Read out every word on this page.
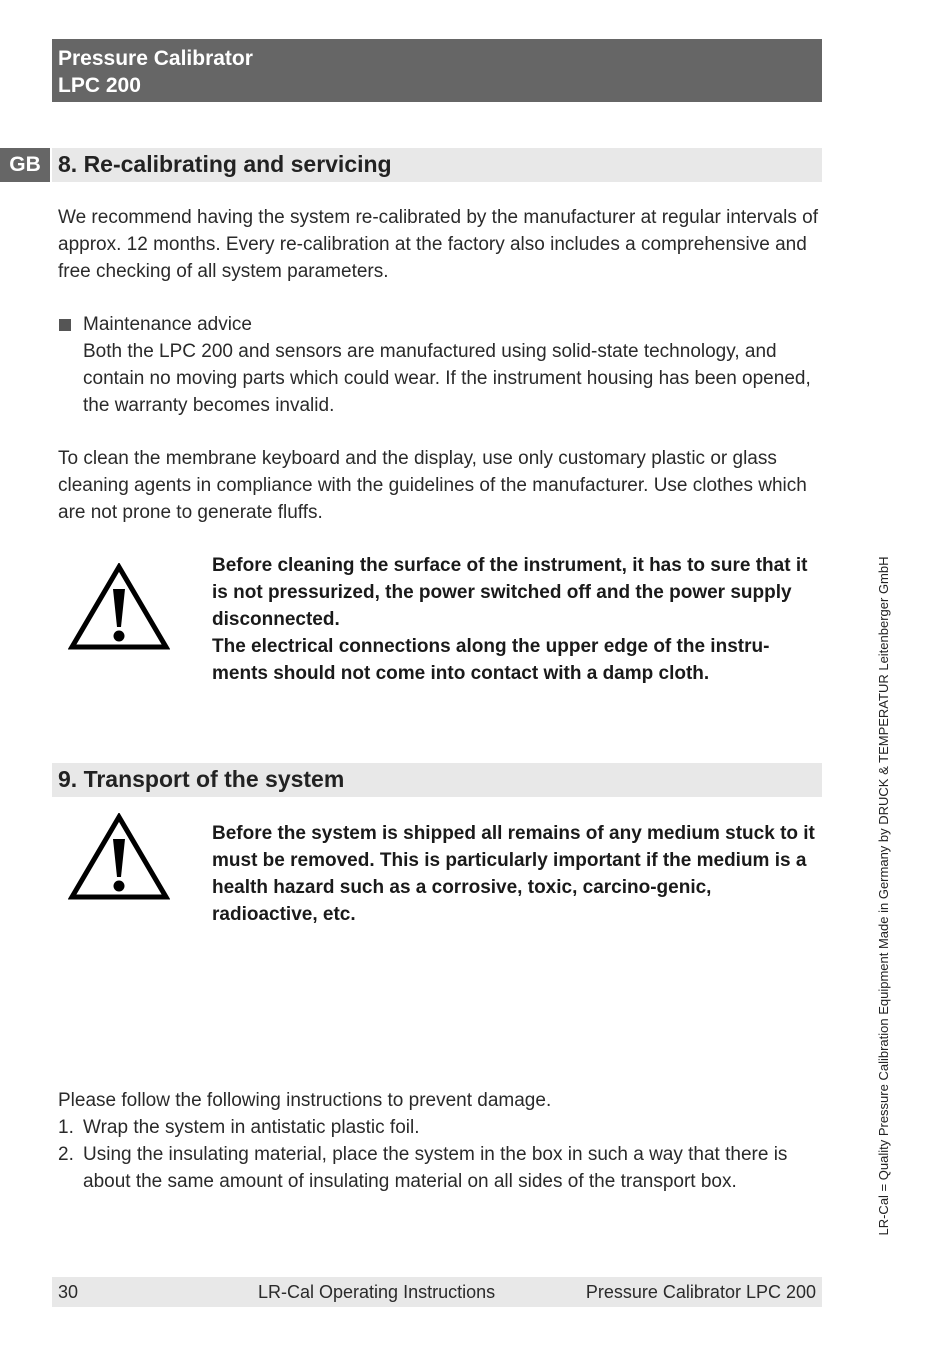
Pressure Calibrator
LPC 200
GB 8. Re-calibrating and servicing
We recommend having the system re-calibrated by the manufacturer at regular intervals of approx. 12 months. Every re-calibration at the factory also includes a comprehensive and free checking of all system parameters.
Maintenance advice
Both the LPC 200 and sensors are manufactured using solid-state technology, and contain no moving parts which could wear. If the instrument housing has been opened, the warranty becomes invalid.
To clean the membrane keyboard and the display, use only customary plastic or glass cleaning agents in compliance with the guidelines of the manufacturer. Use clothes which are not prone to generate fluffs.
Before cleaning the surface of the instrument, it has to sure that it is not pressurized, the power switched off and the power supply disconnected.
The electrical connections along the upper edge of the instru-ments should not come into contact with a damp cloth.
9. Transport of the system
Before the system is shipped all remains of any medium stuck to it must be removed. This is particularly important if the medium is a health hazard such as a corrosive, toxic, carcino-genic, radioactive, etc.
Please follow the following instructions to prevent damage.
1. Wrap the system in antistatic plastic foil.
2. Using the insulating material, place the system in the box in such a way that there is about the same amount of insulating material on all sides of the transport box.
30	LR-Cal Operating Instructions	Pressure Calibrator LPC 200
LR-Cal = Quality Pressure Calibration Equipment Made in Germany by DRUCK & TEMPERATUR Leitenberger GmbH
